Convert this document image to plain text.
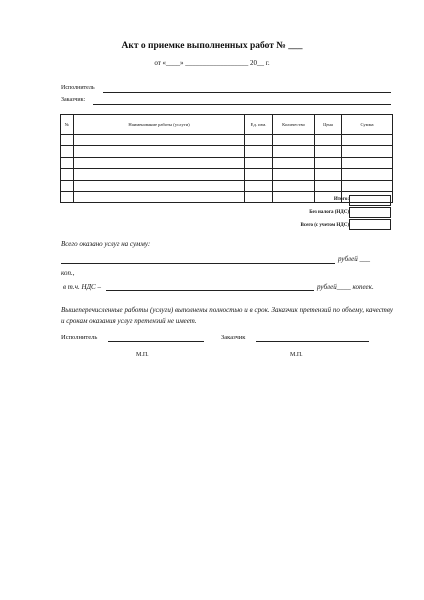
Акт о приемке выполненных работ № ___
от «____» __________________ 20__ г.
Исполнитель
Заказчик:
№	Наименование работы (услуги)	Ед. изм.	Количество	Цена	Сумма

Итого:
Без налога (НДС)
Всего (с учетом НДС)
Всего оказано услуг на сумму:
рублей ___
коп.,
в т.ч. НДС –	рублей____ копеек.
Вышеперечисленные работы (услуги) выполнены полностью и в срок. Заказчик претензий по объему, качеству и срокам оказания услуг претензий не имеет.
Исполнитель	Заказчик
М.П.	М.П.
